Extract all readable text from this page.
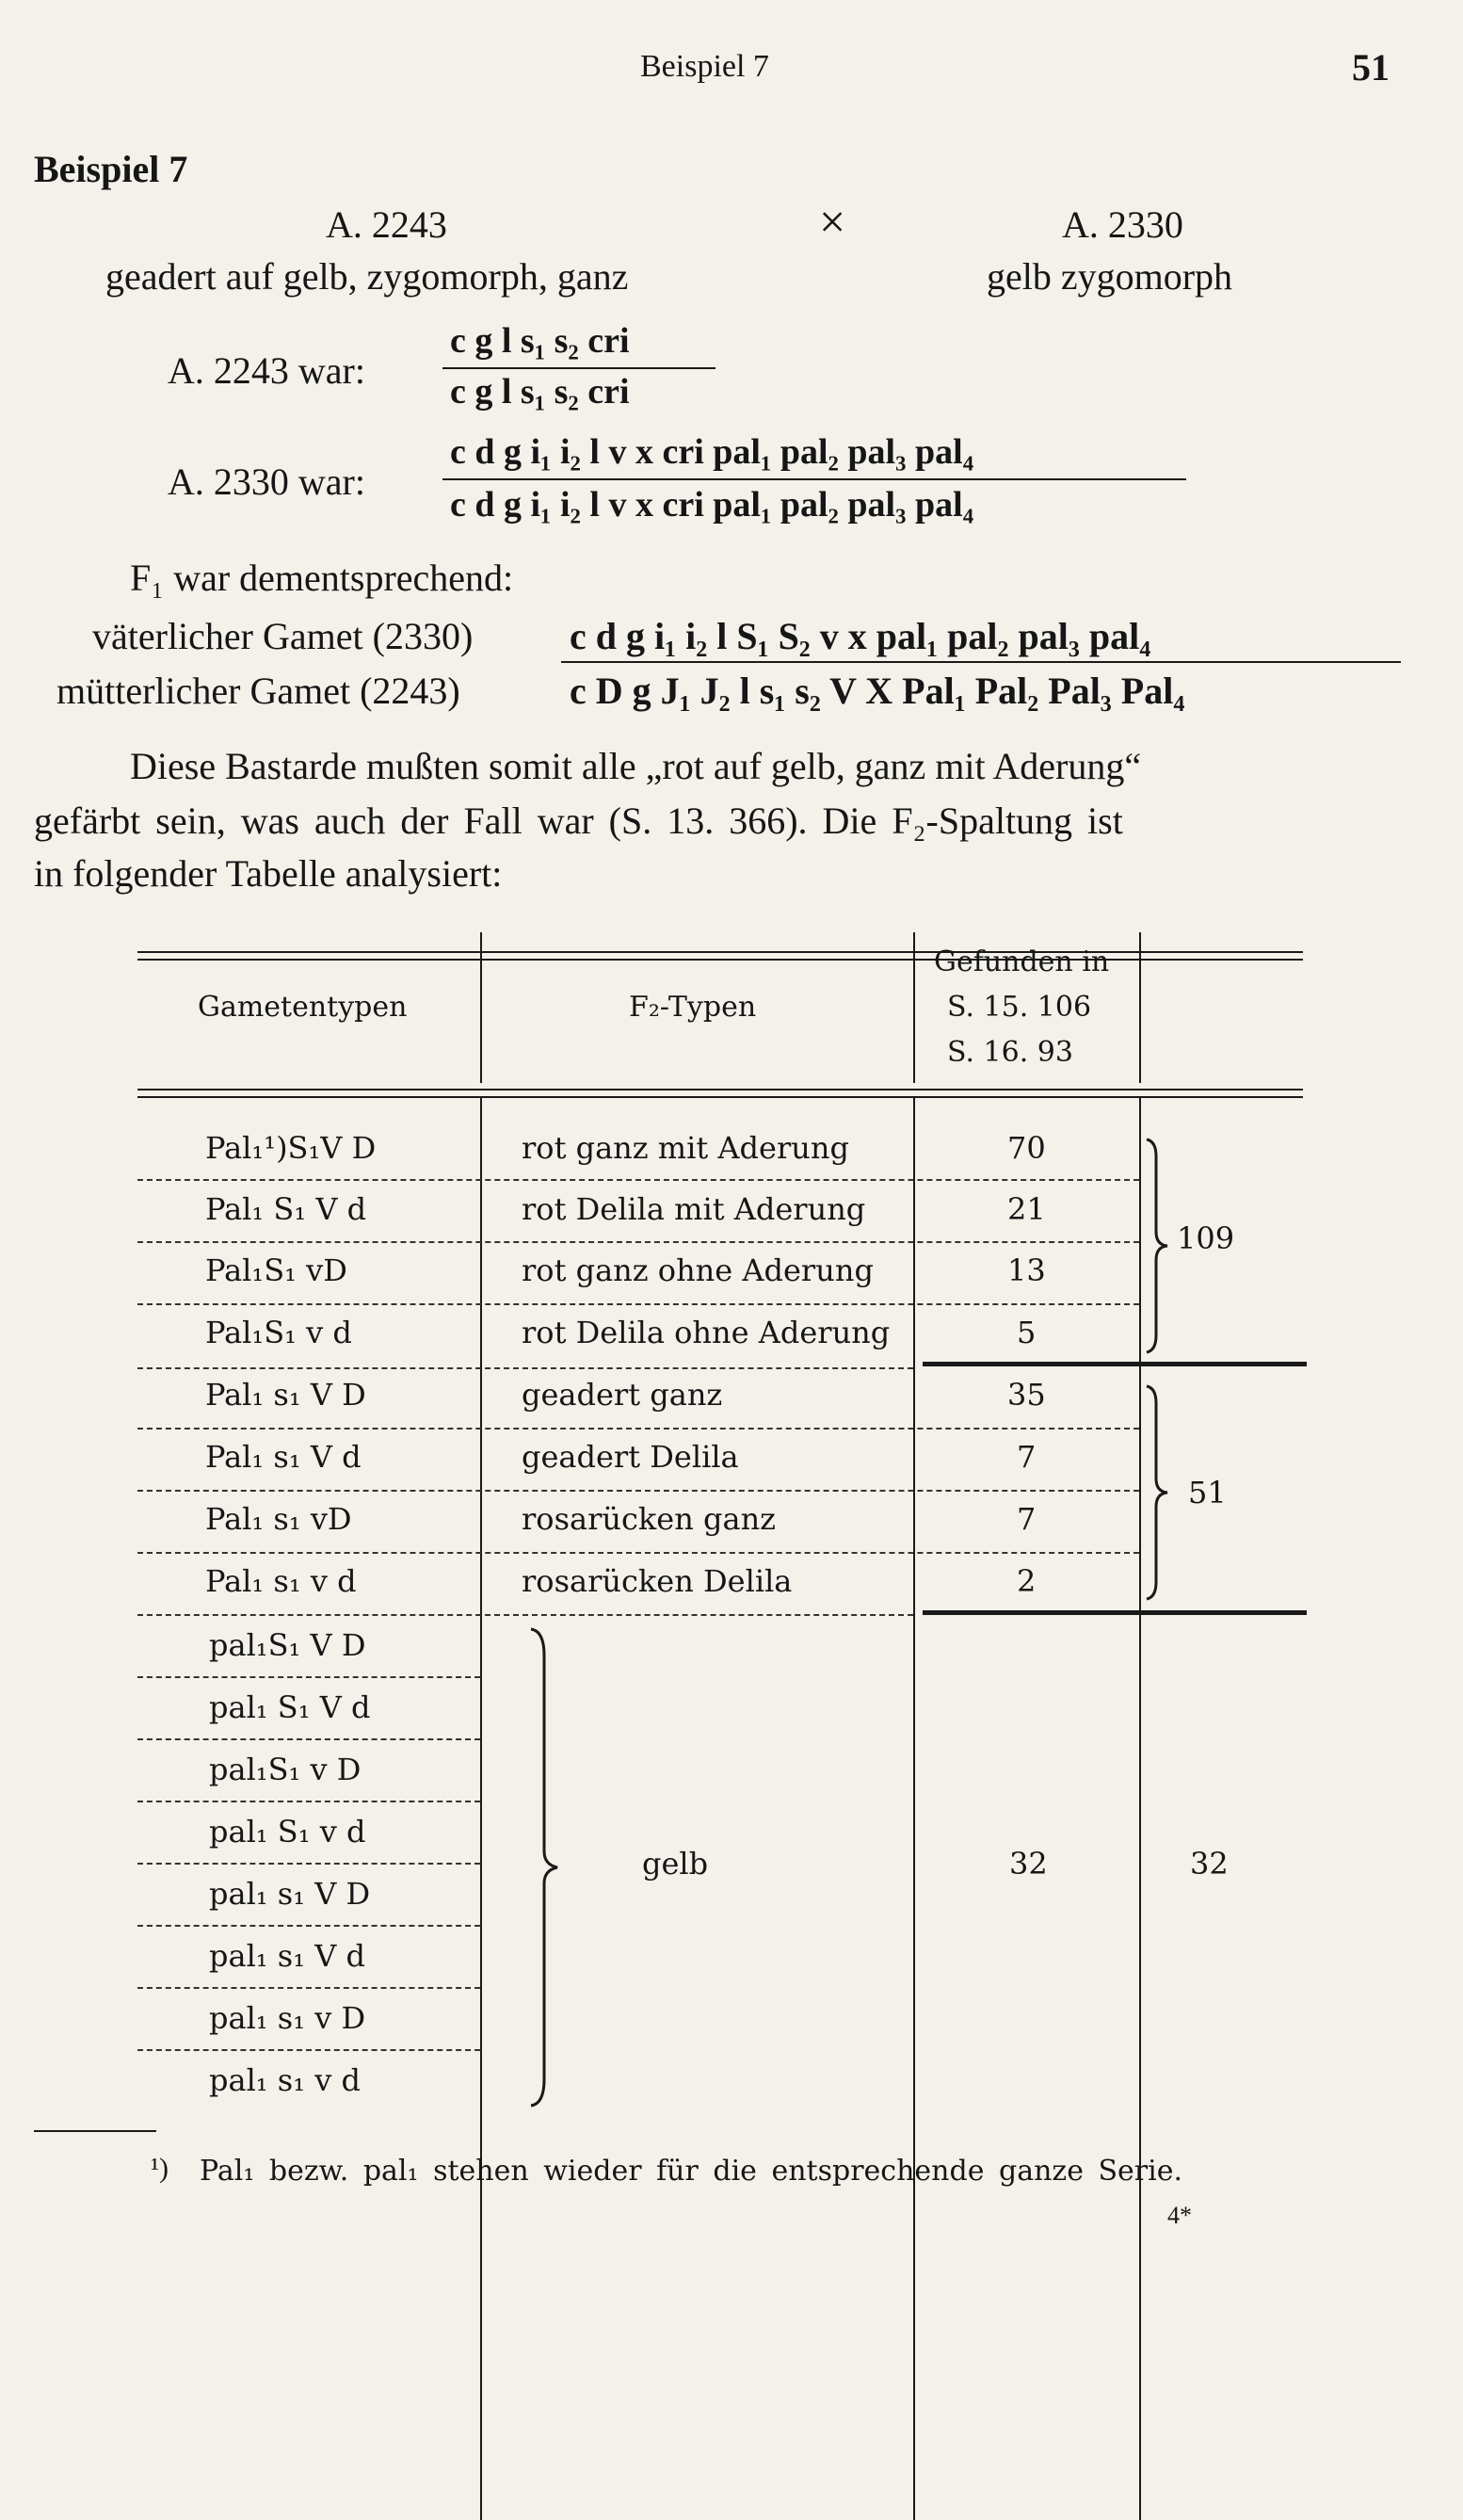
Beispiel 7	51
Beispiel 7
A. 2243	×	A. 2330
geadert auf gelb, zygomorph, ganz	gelb zygomorph
A. 2243 war:
c g l s₁ s₂ cri
c g l s₁ s₂ cri
A. 2330 war:
c d g i₁ i₂ l v x cri pal₁ pal₂ pal₃ pal₄
c d g i₁ i₂ l v x cri pal₁ pal₂ pal₃ pal₄
F₁ war dementsprechend:
väterlicher Gamet (2330)	c d g i₁ i₂ l S₁ S₂ v x pal₁ pal₂ pal₃ pal₄
mütterlicher Gamet (2243)	c D g J₁ J₂ l s₁ s₂ V X Pal₁ Pal₂ Pal₃ Pal₄
Diese Bastarde mußten somit alle „rot auf gelb, ganz mit Aderung“
gefärbt sein, was auch der Fall war (S. 13. 366). Die F₂-Spaltung ist
in folgender Tabelle analysiert:
Gametentypen	F₂-Typen
Gefunden in
S. 15. 106
S. 16. 93
Pal₁¹)S₁V D	rot ganz mit Aderung	70
Pal₁ S₁ V d	rot Delila mit Aderung	21
Pal₁S₁ vD	rot ganz ohne Aderung	13
Pal₁S₁ v d	rot Delila ohne Aderung	5
109
Pal₁ s₁ V D	geadert ganz	35
Pal₁ s₁ V d	geadert Delila	7
Pal₁ s₁ vD	rosarücken ganz	7
Pal₁ s₁ v d	rosarücken Delila	2
51
pal₁S₁ V D
pal₁ S₁ V d
pal₁S₁ v D
pal₁ S₁ v d
pal₁ s₁ V D
pal₁ s₁ V d
pal₁ s₁ v D
pal₁ s₁ v d
gelb	32	32
¹) Pal₁ bezw. pal₁ stehen wieder für die entsprechende ganze Serie.
4*
